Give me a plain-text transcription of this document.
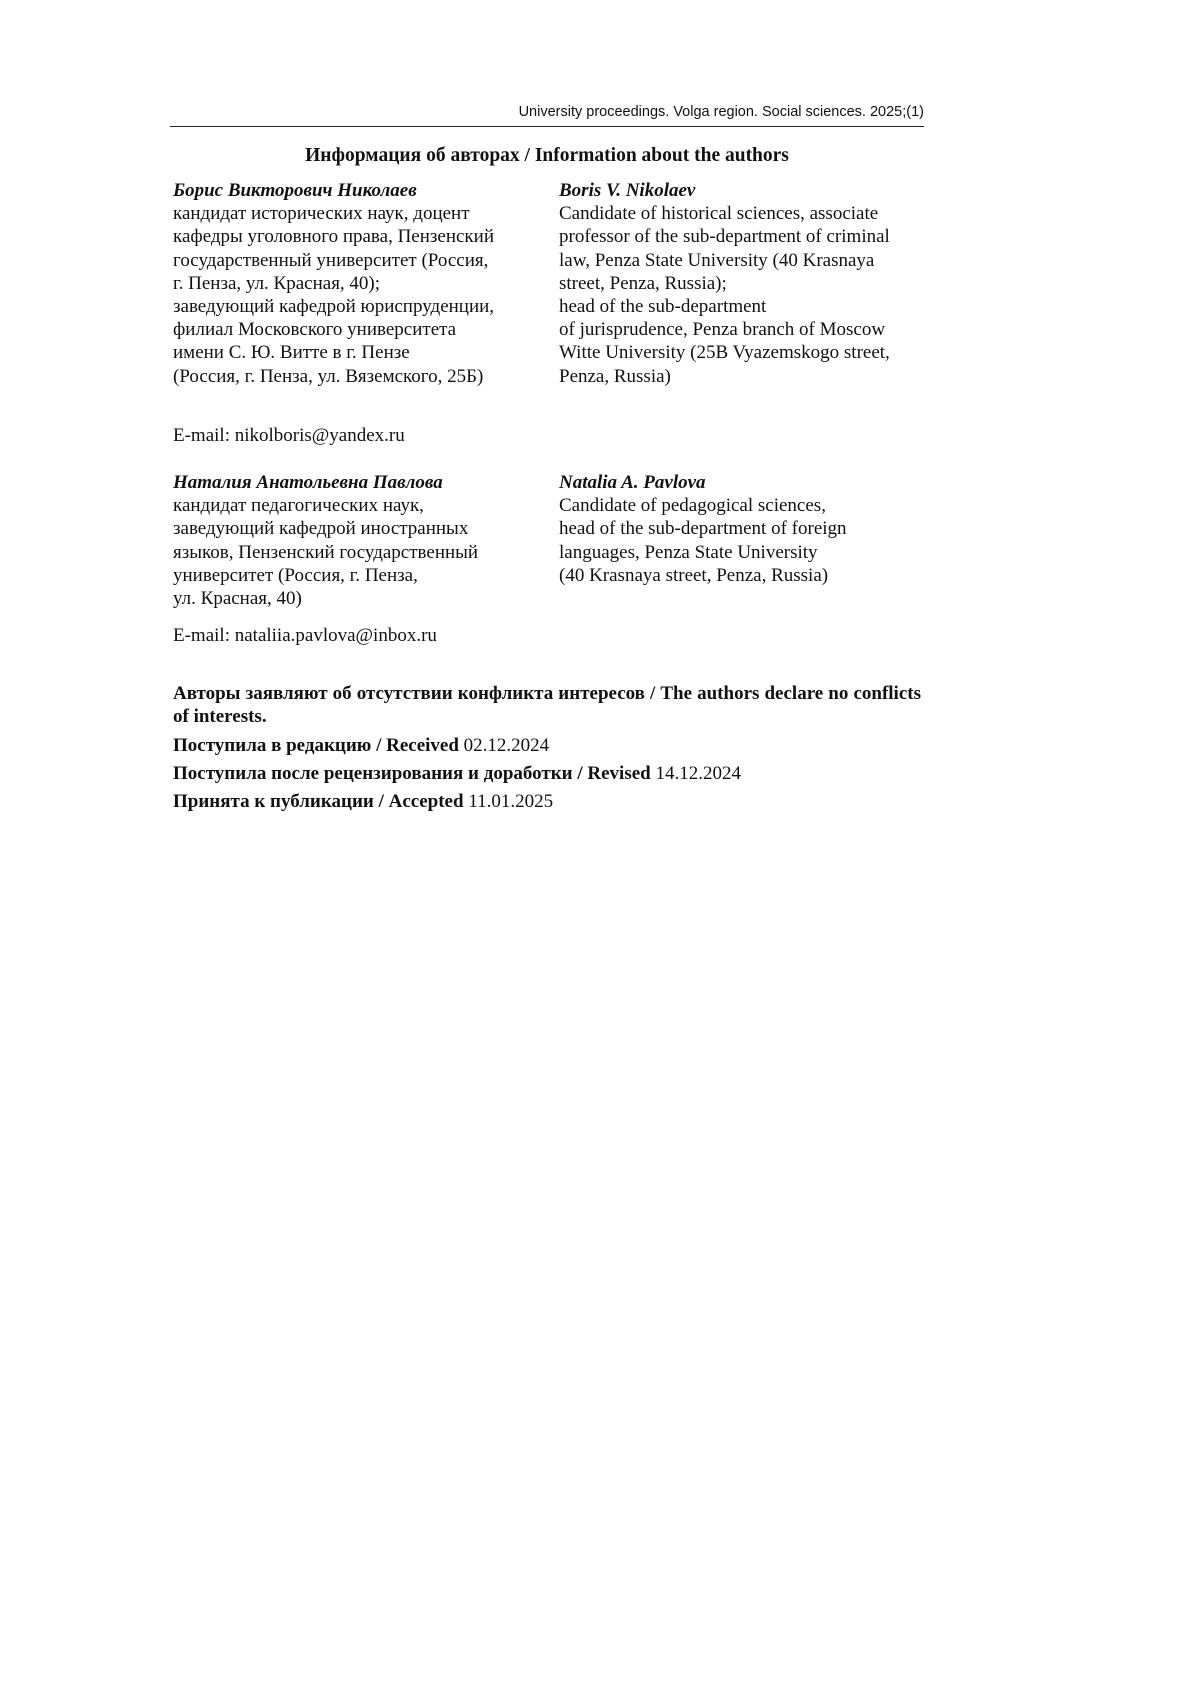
University proceedings. Volga region. Social sciences. 2025;(1)
Информация об авторах / Information about the authors
Борис Викторович Николаев
кандидат исторических наук, доцент
кафедры уголовного права, Пензенский
государственный университет (Россия,
г. Пенза, ул. Красная, 40);
заведующий кафедрой юриспруденции,
филиал Московского университета
имени С. Ю. Витте в г. Пензе
(Россия, г. Пенза, ул. Вяземского, 25Б)
Boris V. Nikolaev
Candidate of historical sciences, associate
professor of the sub-department of criminal
law, Penza State University (40 Krasnaya
street, Penza, Russia);
head of the sub-department
of jurisprudence, Penza branch of Moscow
Witte University (25B Vyazemskogo street,
Penza, Russia)
E-mail: nikolboris@yandex.ru
Наталия Анатольевна Павлова
кандидат педагогических наук,
заведующий кафедрой иностранных
языков, Пензенский государственный
университет (Россия, г. Пенза,
ул. Красная, 40)
Natalia A. Pavlova
Candidate of pedagogical sciences,
head of the sub-department of foreign
languages, Penza State University
(40 Krasnaya street, Penza, Russia)
E-mail: nataliia.pavlova@inbox.ru
Авторы заявляют об отсутствии конфликта интересов / The authors declare no conflicts of interests.
Поступила в редакцию / Received 02.12.2024
Поступила после рецензирования и доработки / Revised 14.12.2024
Принята к публикации / Accepted 11.01.2025
